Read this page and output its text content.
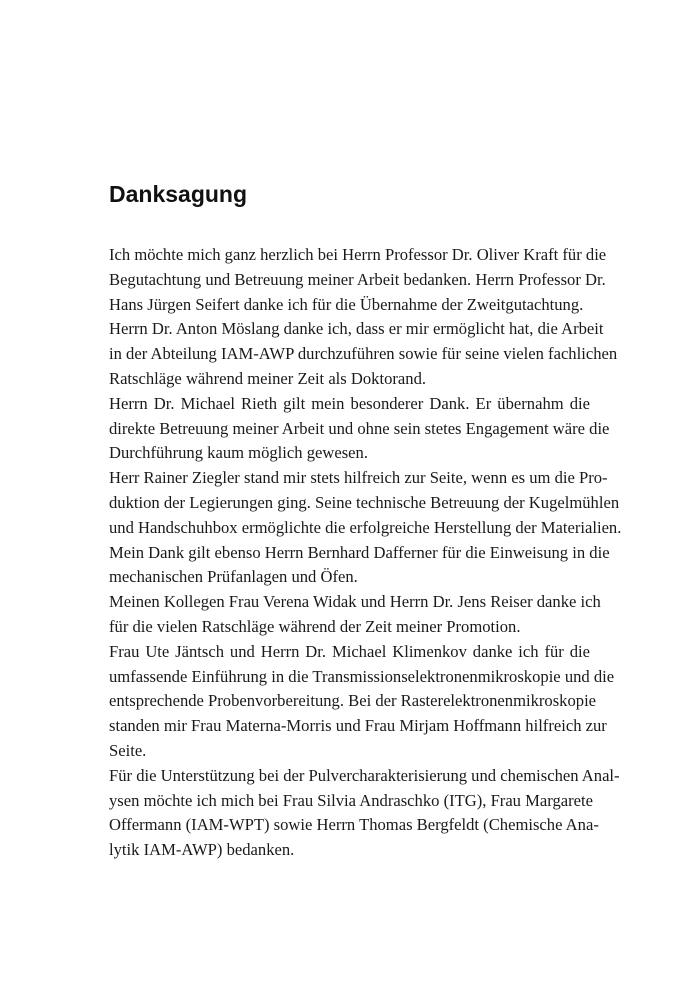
Danksagung
Ich möchte mich ganz herzlich bei Herrn Professor Dr. Oliver Kraft für die
Begutachtung und Betreuung meiner Arbeit bedanken. Herrn Professor Dr.
Hans Jürgen Seifert danke ich für die Übernahme der Zweitgutachtung.
Herrn Dr. Anton Möslang danke ich, dass er mir ermöglicht hat, die Arbeit
in der Abteilung IAM-AWP durchzuführen sowie für seine vielen fachlichen
Ratschläge während meiner Zeit als Doktorand.
Herrn Dr. Michael Rieth gilt mein besonderer Dank. Er übernahm die
direkte Betreuung meiner Arbeit und ohne sein stetes Engagement wäre die
Durchführung kaum möglich gewesen.
Herr Rainer Ziegler stand mir stets hilfreich zur Seite, wenn es um die Pro-
duktion der Legierungen ging. Seine technische Betreuung der Kugelmühlen
und Handschuhbox ermöglichte die erfolgreiche Herstellung der Materialien.
Mein Dank gilt ebenso Herrn Bernhard Dafferner für die Einweisung in die
mechanischen Prüfanlagen und Öfen.
Meinen Kollegen Frau Verena Widak und Herrn Dr. Jens Reiser danke ich
für die vielen Ratschläge während der Zeit meiner Promotion.
Frau Ute Jäntsch und Herrn Dr. Michael Klimenkov danke ich für die
umfassende Einführung in die Transmissionselektronenmikroskopie und die
entsprechende Probenvorbereitung. Bei der Rasterelektronenmikroskopie
standen mir Frau Materna-Morris und Frau Mirjam Hoffmann hilfreich zur
Seite.
Für die Unterstützung bei der Pulvercharakterisierung und chemischen Anal-
ysen möchte ich mich bei Frau Silvia Andraschko (ITG), Frau Margarete
Offermann (IAM-WPT) sowie Herrn Thomas Bergfeldt (Chemische Ana-
lytik IAM-AWP) bedanken.
